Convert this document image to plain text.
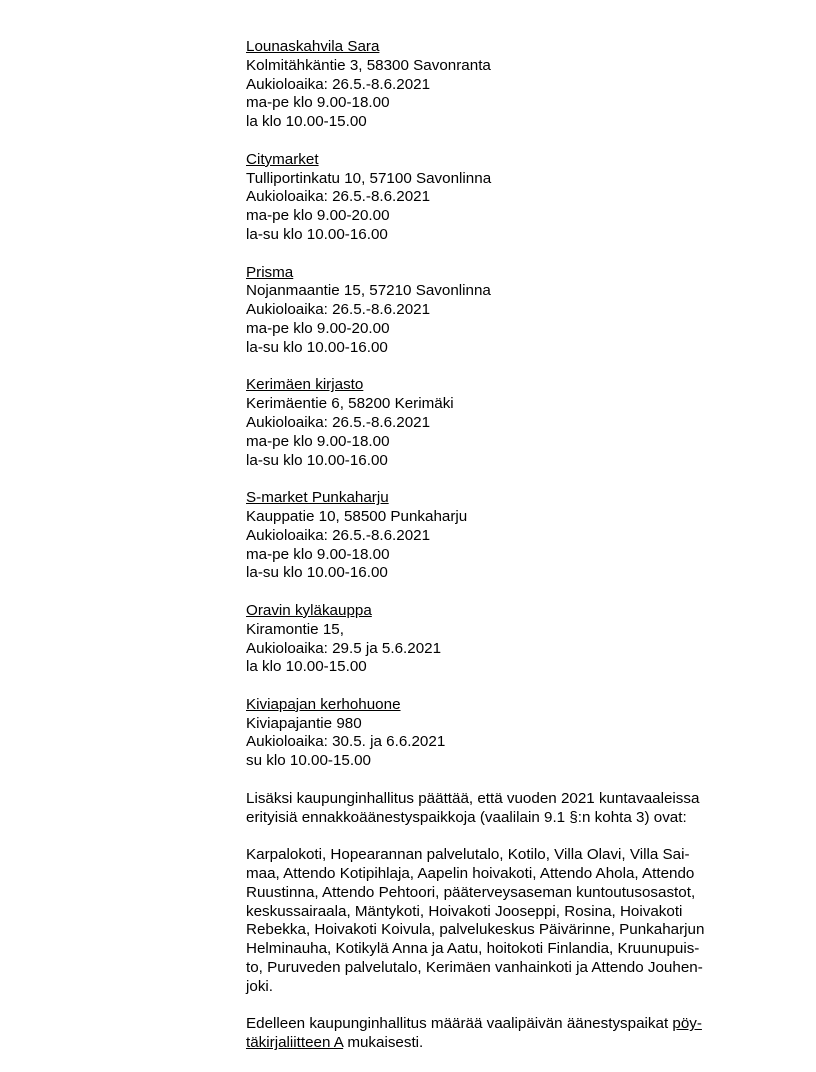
Lounaskahvila Sara
Kolmitähkäntie 3, 58300 Savonranta
Aukioloaika: 26.5.-8.6.2021
ma-pe klo 9.00-18.00
la klo 10.00-15.00
Citymarket
Tulliportinkatu 10, 57100 Savonlinna
Aukioloaika: 26.5.-8.6.2021
ma-pe klo 9.00-20.00
la-su klo 10.00-16.00
Prisma
Nojanmaantie 15, 57210 Savonlinna
Aukioloaika: 26.5.-8.6.2021
ma-pe klo 9.00-20.00
la-su klo 10.00-16.00
Kerimäen kirjasto
Kerimäentie 6, 58200 Kerimäki
Aukioloaika: 26.5.-8.6.2021
ma-pe klo 9.00-18.00
la-su klo 10.00-16.00
S-market Punkaharju
Kauppatie 10, 58500 Punkaharju
Aukioloaika: 26.5.-8.6.2021
ma-pe klo 9.00-18.00
la-su klo 10.00-16.00
Oravin kyläkauppa
Kiramontie 15,
Aukioloaika: 29.5 ja 5.6.2021
la klo 10.00-15.00
Kiviapajan kerhohuone
Kiviapajantie 980
Aukioloaika: 30.5. ja 6.6.2021
su klo 10.00-15.00
Lisäksi kaupunginhallitus päättää, että vuoden 2021 kuntavaaleissa
erityisiä ennakkoäänestyspaikkoja (vaalilain 9.1 §:n kohta 3) ovat:
Karpalokoti, Hopearannan palvelutalo, Kotilo, Villa Olavi, Villa Sai-
maa, Attendo Kotipihlaja, Aapelin hoivakoti, Attendo Ahola, Attendo
Ruustinna, Attendo Pehtoori, pääterveysaseman kuntoutusosastot,
keskussairaala, Mäntykoti, Hoivakoti Jooseppi, Rosina, Hoivakoti
Rebekka, Hoivakoti Koivula, palvelukeskus Päivärinne, Punkaharjun
Helminauha, Kotikylä Anna ja Aatu, hoitokoti Finlandia, Kruunupuis-
to, Puruveden palvelutalo, Kerimäen vanhainkoti ja Attendo Jouhen-
joki.
Edelleen kaupunginhallitus määrää vaalipäivän äänestyspaikat pöy-
täkirjaliitteen A mukaisesti.
